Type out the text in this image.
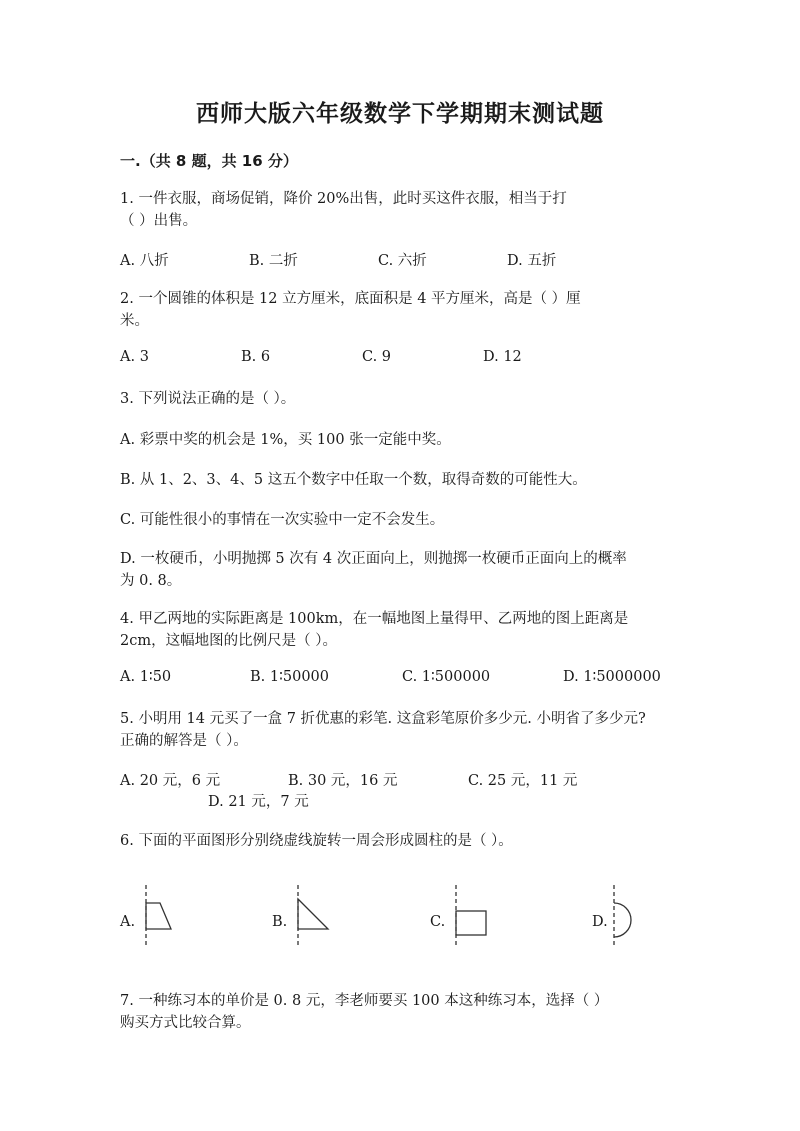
西师大版六年级数学下学期期末测试题
一.（共 8 题，共 16 分）
1. 一件衣服，商场促销，降价 20%出售，此时买这件衣服，相当于打
（ ）出售。
A. 八折	B. 二折	C. 六折	D. 五折
2. 一个圆锥的体积是 12 立方厘米，底面积是 4 平方厘米，高是（ ）厘
米。
A. 3	B. 6	C. 9	D. 12
3. 下列说法正确的是（ ）。
A. 彩票中奖的机会是 1%，买 100 张一定能中奖。
B. 从 1、2、3、4、5 这五个数字中任取一个数，取得奇数的可能性大。
C. 可能性很小的事情在一次实验中一定不会发生。
D. 一枚硬币，小明抛掷 5 次有 4 次正面向上，则抛掷一枚硬币正面向上的概率
为 0. 8。
4. 甲乙两地的实际距离是 100km，在一幅地图上量得甲、乙两地的图上距离是
2cm，这幅地图的比例尺是（ ）。
A. 1∶50	B. 1∶50000	C. 1∶500000	D. 1∶5000000
5. 小明用 14 元买了一盒 7 折优惠的彩笔. 这盒彩笔原价多少元. 小明省了多少元?
正确的解答是（ ）。
A. 20 元，6 元	B. 30 元，16 元	C. 25 元，11 元
D. 21 元，7 元
6. 下面的平面图形分别绕虚线旋转一周会形成圆柱的是（ ）。
A.	B.	C.	D.
7. 一种练习本的单价是 0. 8 元，李老师要买 100 本这种练习本，选择（ ）
购买方式比较合算。
